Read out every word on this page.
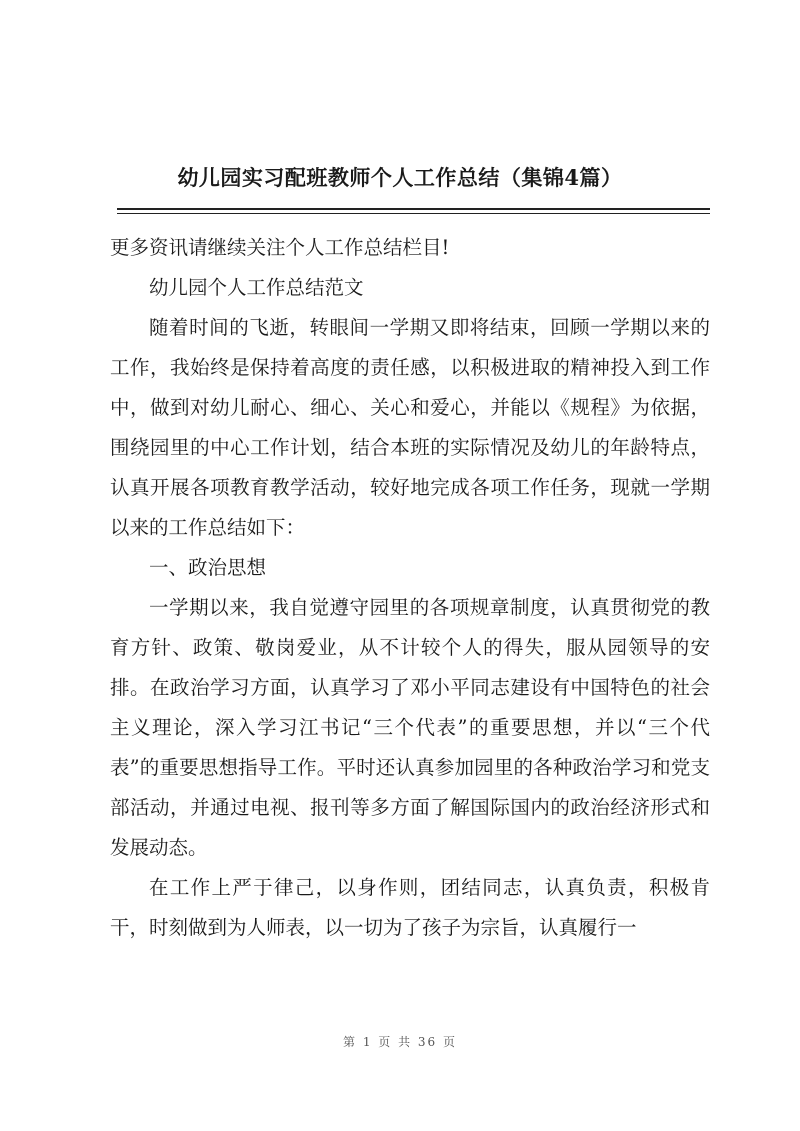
幼儿园实习配班教师个人工作总结（集锦4篇）

更多资讯请继续关注个人工作总结栏目!

幼儿园个人工作总结范文

随着时间的飞逝，转眼间一学期又即将结束，回顾一学期以来的工作，我始终是保持着高度的责任感，以积极进取的精神投入到工作中，做到对幼儿耐心、细心、关心和爱心，并能以《规程》为依据，围绕园里的中心工作计划，结合本班的实际情况及幼儿的年龄特点，认真开展各项教育教学活动，较好地完成各项工作任务，现就一学期以来的工作总结如下：

一、政治思想

一学期以来，我自觉遵守园里的各项规章制度，认真贯彻党的教育方针、政策、敬岗爱业，从不计较个人的得失，服从园领导的安排。在政治学习方面，认真学习了邓小平同志建设有中国特色的社会主义理论，深入学习江书记“三个代表”的重要思想，并以“三个代表”的重要思想指导工作。平时还认真参加园里的各种政治学习和党支部活动，并通过电视、报刊等多方面了解国际国内的政治经济形式和发展动态。

在工作上严于律己，以身作则，团结同志，认真负责，积极肯干，时刻做到为人师表，以一切为了孩子为宗旨，认真履行一

第 1 页 共 36 页
